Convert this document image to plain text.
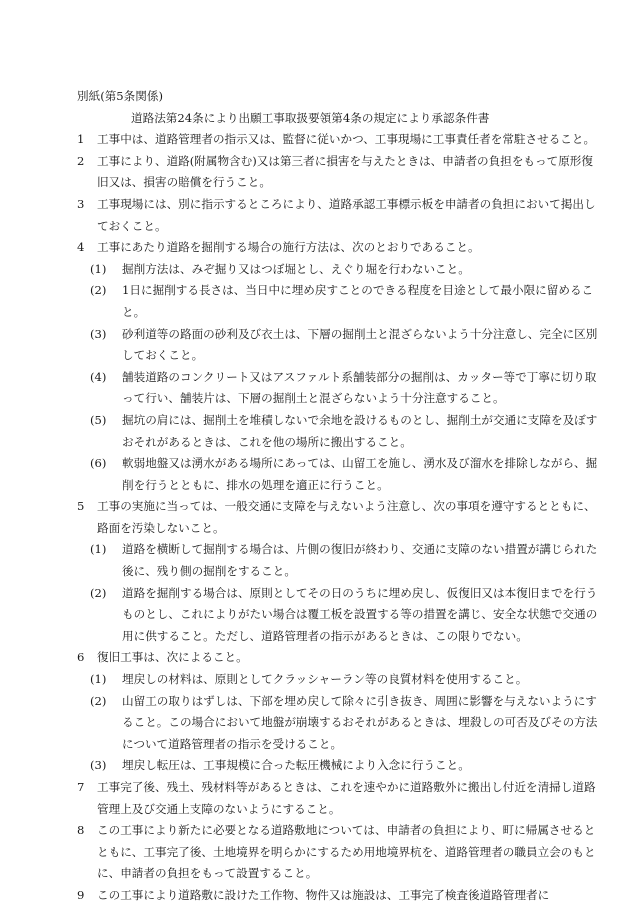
別紙(第5条関係)
道路法第24条により出願工事取扱要領第4条の規定により承認条件書
1 工事中は、道路管理者の指示又は、監督に従いかつ、工事現場に工事責任者を常駐させること。
2 工事により、道路(附属物含む)又は第三者に損害を与えたときは、申請者の負担をもって原形復旧又は、損害の賠償を行うこと。
3 工事現場には、別に指示するところにより、道路承認工事標示板を申請者の負担において掲出しておくこと。
4 工事にあたり道路を掘削する場合の施行方法は、次のとおりであること。
(1) 掘削方法は、みぞ掘り又はつぼ堀とし、えぐり堀を行わないこと。
(2) 1日に掘削する長さは、当日中に埋め戻すことのできる程度を目途として最小限に留めること。
(3) 砂利道等の路面の砂利及び衣土は、下層の掘削土と混ざらないよう十分注意し、完全に区別しておくこと。
(4) 舗装道路のコンクリート又はアスファルト系舗装部分の掘削は、カッター等で丁寧に切り取って行い、舗装片は、下層の掘削土と混ざらないよう十分注意すること。
(5) 掘坑の肩には、掘削土を堆積しないで余地を設けるものとし、掘削土が交通に支障を及ぼすおそれがあるときは、これを他の場所に搬出すること。
(6) 軟弱地盤又は湧水がある場所にあっては、山留工を施し、湧水及び溜水を排除しながら、掘削を行うとともに、排水の処理を適正に行うこと。
5 工事の実施に当っては、一般交通に支障を与えないよう注意し、次の事項を遵守するとともに、路面を汚染しないこと。
(1) 道路を横断して掘削する場合は、片側の復旧が終わり、交通に支障のない措置が講じられた後に、残り側の掘削をすること。
(2) 道路を掘削する場合は、原則としてその日のうちに埋め戻し、仮復旧又は本復旧までを行うものとし、これによりがたい場合は覆工板を設置する等の措置を講じ、安全な状態で交通の用に供すること。ただし、道路管理者の指示があるときは、この限りでない。
6 復旧工事は、次によること。
(1) 埋戻しの材料は、原則としてクラッシャーラン等の良質材料を使用すること。
(2) 山留工の取りはずしは、下部を埋め戻して除々に引き抜き、周囲に影響を与えないようにすること。この場合において地盤が崩壊するおそれがあるときは、埋殺しの可否及びその方法について道路管理者の指示を受けること。
(3) 埋戻し転圧は、工事規模に合った転圧機械により入念に行うこと。
7 工事完了後、残土、残材料等があるときは、これを速やかに道路敷外に搬出し付近を清掃し道路管理上及び交通上支障のないようにすること。
8 この工事により新たに必要となる道路敷地については、申請者の負担により、町に帰属させるとともに、工事完了後、土地境界を明らかにするため用地境界杭を、道路管理者の職員立会のもとに、申請者の負担をもって設置すること。
9 この工事により道路敷に設けた工作物、物件又は施設は、工事完了検査後道路管理者に
